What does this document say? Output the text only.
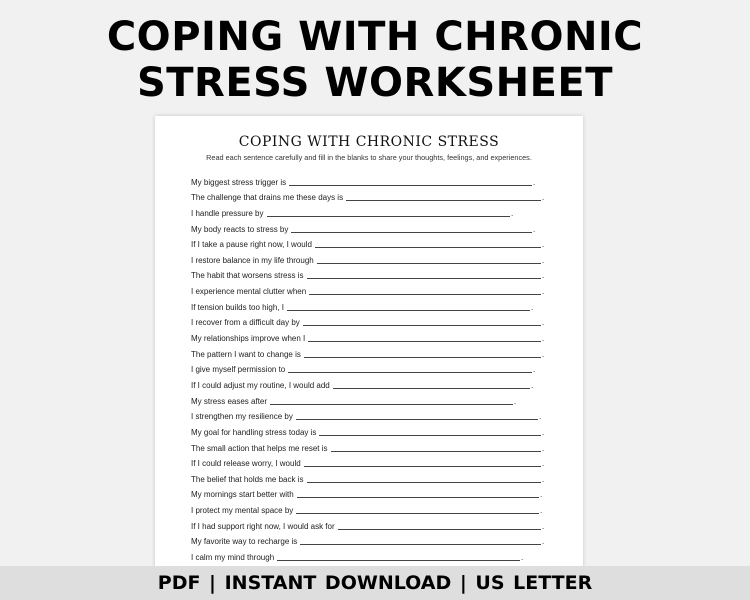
COPING WITH CHRONIC
STRESS WORKSHEET
COPING WITH CHRONIC STRESS
Read each sentence carefully and fill in the blanks to share your thoughts, feelings, and experiences.
My biggest stress trigger is	.
The challenge that drains me these days is	.
I handle pressure by	.
My body reacts to stress by	.
If I take a pause right now, I would	.
I restore balance in my life through	.
The habit that worsens stress is	.
I experience mental clutter when	.
If tension builds too high, I	.
I recover from a difficult day by	.
My relationships improve when I	.
The pattern I want to change is	.
I give myself permission to	.
If I could adjust my routine, I would add	.
My stress eases after	.
I strengthen my resilience by	.
My goal for handling stress today is	.
The small action that helps me reset is	.
If I could release worry, I would	.
The belief that holds me back is	.
My mornings start better with	.
I protect my mental space by	.
If I had support right now, I would ask for	.
My favorite way to recharge is	.
I calm my mind through	.
PDF | INSTANT DOWNLOAD | US LETTER
